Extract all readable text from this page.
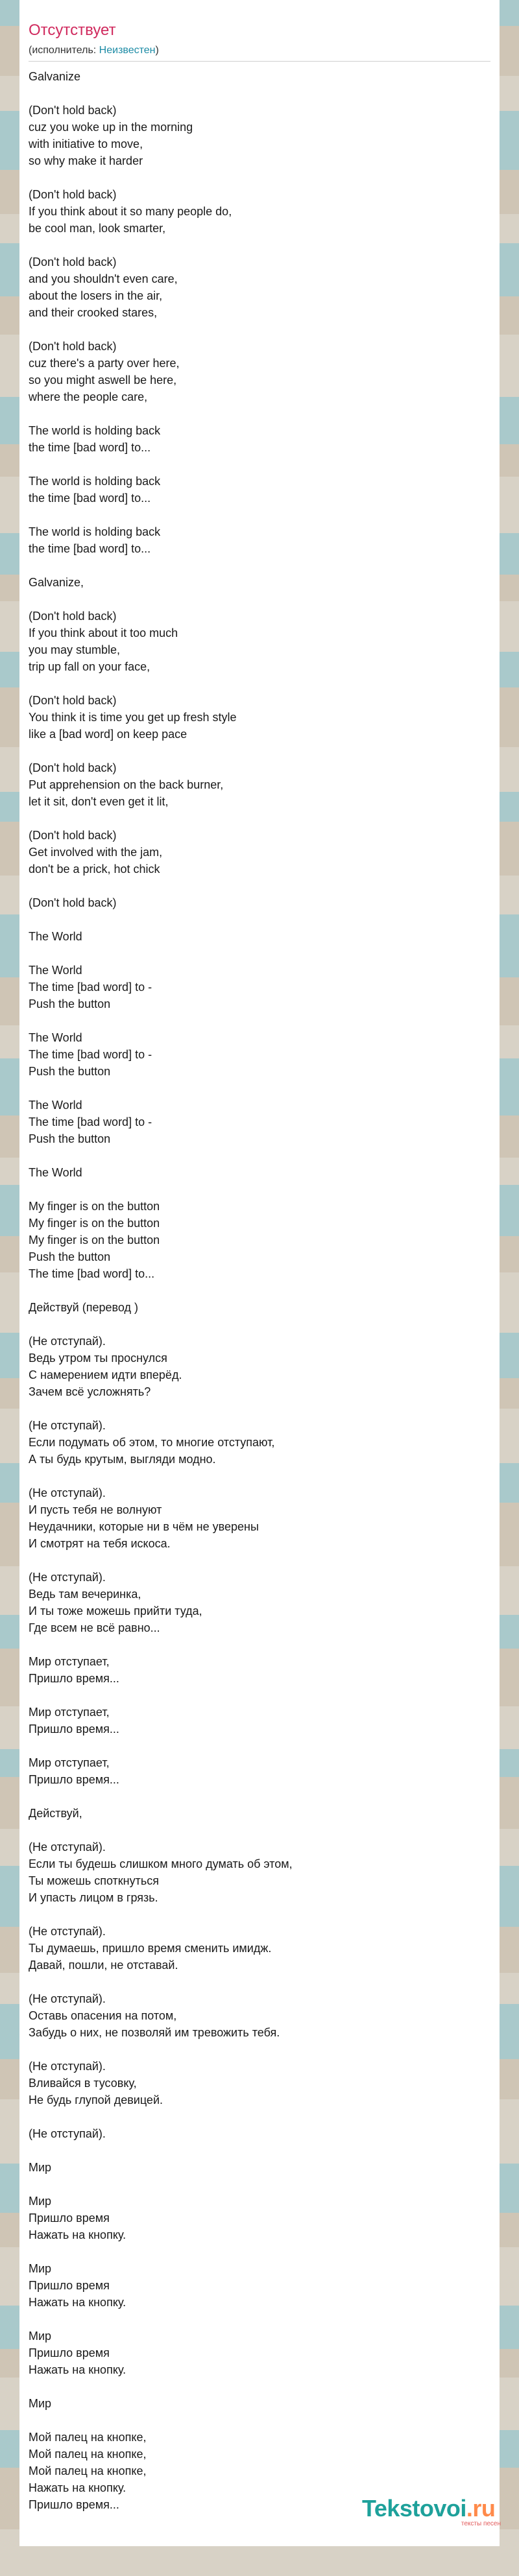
Отсутствует
(исполнитель: Неизвестен)
Galvanize
(Don't hold back)
cuz you woke up in the morning
with initiative to move,
so why make it harder
(Don't hold back)
If you think about it so many people do,
be cool man, look smarter,
(Don't hold back)
and you shouldn't even care,
about the losers in the air,
and their crooked stares,
(Don't hold back)
cuz there's a party over here,
so you might aswell be here,
where the people care,
The world is holding back
the time [bad word] to...
The world is holding back
the time [bad word] to...
The world is holding back
the time [bad word] to...
Galvanize,
(Don't hold back)
If you think about it too much
you may stumble,
trip up fall on your face,
(Don't hold back)
You think it is time you get up fresh style
like a [bad word] on keep pace
(Don't hold back)
Put apprehension on the back burner,
let it sit, don't even get it lit,
(Don't hold back)
Get involved with the jam,
don't be a prick, hot chick
(Don't hold back)
The World
The World
The time [bad word] to -
Push the button
The World
The time [bad word] to -
Push the button
The World
The time [bad word] to -
Push the button
The World
My finger is on the button
My finger is on the button
My finger is on the button
Push the button
The time [bad word] to...
Действуй (перевод )
(Не отступай).
Ведь утром ты проснулся
С намерением идти вперёд.
Зачем всё усложнять?
(Не отступай).
Если подумать об этом, то многие отступают,
А ты будь крутым, выгляди модно.
(Не отступай).
И пусть тебя не волнуют
Неудачники, которые ни в чём не уверены
И смотрят на тебя искоса.
(Не отступай).
Ведь там вечеринка,
И ты тоже можешь прийти туда,
Где всем не всё равно...
Мир отступает,
Пришло время...
Мир отступает,
Пришло время...
Мир отступает,
Пришло время...
Действуй,
(Не отступай).
Если ты будешь слишком много думать об этом,
Ты можешь споткнуться
И упасть лицом в грязь.
(Не отступай).
Ты думаешь, пришло время сменить имидж.
Давай, пошли, не отставай.
(Не отступай).
Оставь опасения на потом,
Забудь о них, не позволяй им тревожить тебя.
(Не отступай).
Вливайся в тусовку,
Не будь глупой девицей.
(Не отступай).
Мир
Мир
Пришло время
Нажать на кнопку.
Мир
Пришло время
Нажать на кнопку.
Мир
Пришло время
Нажать на кнопку.
Мир
Мой палец на кнопке,
Мой палец на кнопке,
Мой палец на кнопке,
Нажать на кнопку.
Пришло время...	Tekstovoi.ru
тексты песен
